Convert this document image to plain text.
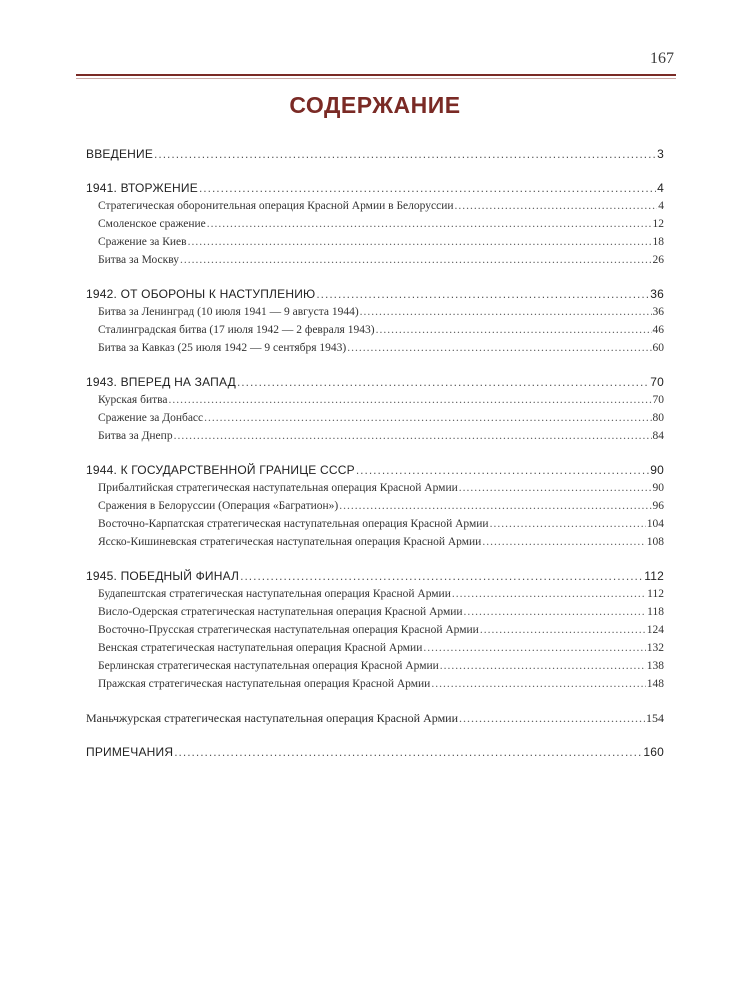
167
СОДЕРЖАНИЕ
ВВЕДЕНИЕ .....	3
1941. ВТОРЖЕНИЕ .....	4
Стратегическая оборонительная операция Красной Армии в Белоруссии .....	4
Смоленское сражение .....	12
Сражение за Киев .....	18
Битва за Москву .....	26
1942. ОТ ОБОРОНЫ К НАСТУПЛЕНИЮ .....	36
Битва за Ленинград (10 июля 1941 — 9 августа 1944) .....	36
Сталинградская битва (17 июля 1942 — 2 февраля 1943) .....	46
Битва за Кавказ (25 июля 1942 — 9 сентября 1943) .....	60
1943. ВПЕРЕД НА ЗАПАД .....	70
Курская битва .....	70
Сражение за Донбасс .....	80
Битва за Днепр .....	84
1944. К ГОСУДАРСТВЕННОЙ ГРАНИЦЕ СССР .....	90
Прибалтийская стратегическая наступательная операция Красной Армии .....	90
Сражения в Белоруссии (Операция «Багратион») .....	96
Восточно-Карпатская стратегическая наступательная операция Красной Армии .....	104
Ясско-Кишиневская стратегическая наступательная операция Красной Армии .....	108
1945. ПОБЕДНЫЙ ФИНАЛ .....	112
Будапештская стратегическая наступательная операция Красной Армии .....	112
Висло-Одерская стратегическая наступательная операция Красной Армии .....	118
Восточно-Прусская стратегическая наступательная операция Красной Армии .....	124
Венская стратегическая наступательная операция Красной Армии .....	132
Берлинская стратегическая наступательная операция Красной Армии .....	138
Пражская стратегическая наступательная операция Красной Армии .....	148
Маньчжурская стратегическая наступательная операция Красной Армии .....	154
ПРИМЕЧАНИЯ .....	160
